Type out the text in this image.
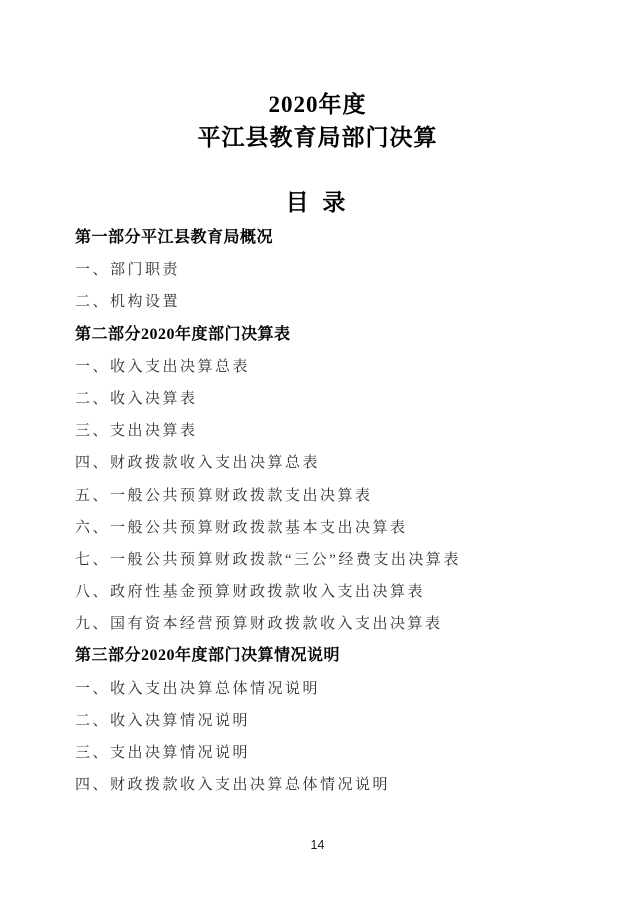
2020年度
平江县教育局部门决算
目 录
第一部分平江县教育局概况
一、部门职责
二、机构设置
第二部分2020年度部门决算表
一、收入支出决算总表
二、收入决算表
三、支出决算表
四、财政拨款收入支出决算总表
五、一般公共预算财政拨款支出决算表
六、一般公共预算财政拨款基本支出决算表
七、一般公共预算财政拨款“三公”经费支出决算表
八、政府性基金预算财政拨款收入支出决算表
九、国有资本经营预算财政拨款收入支出决算表
第三部分2020年度部门决算情况说明
一、收入支出决算总体情况说明
二、收入决算情况说明
三、支出决算情况说明
四、财政拨款收入支出决算总体情况说明
14
